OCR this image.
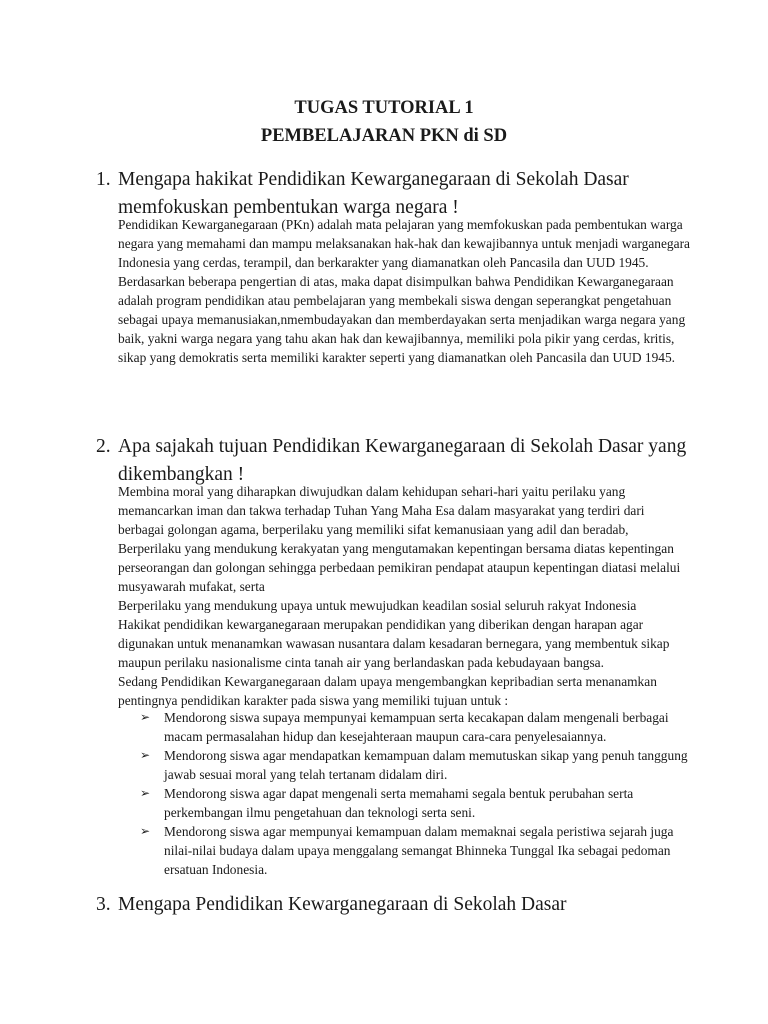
TUGAS TUTORIAL 1
PEMBELAJARAN PKN di SD
1. Mengapa hakikat Pendidikan Kewarganegaraan di Sekolah Dasar memfokuskan pembentukan warga negara !

Pendidikan Kewarganegaraan (PKn) adalah mata pelajaran yang memfokuskan pada pembentukan warga negara yang memahami dan mampu melaksanakan hak-hak dan kewajibannya untuk menjadi warganegara Indonesia yang cerdas, terampil, dan berkarakter yang diamanatkan oleh Pancasila dan UUD 1945.

Berdasarkan beberapa pengertian di atas, maka dapat disimpulkan bahwa Pendidikan Kewarganegaraan adalah program pendidikan atau pembelajaran yang membekali siswa dengan seperangkat pengetahuan sebagai upaya memanusiakan,nmembudayakan dan memberdayakan serta menjadikan warga negara yang baik, yakni warga negara yang tahu akan hak dan kewajibannya, memiliki pola pikir yang cerdas, kritis, sikap yang demokratis serta memiliki karakter seperti yang diamanatkan oleh Pancasila dan UUD 1945.

2. Apa sajakah tujuan Pendidikan Kewarganegaraan di Sekolah Dasar yang dikembangkan !

Membina moral yang diharapkan diwujudkan dalam kehidupan sehari-hari yaitu perilaku yang memancarkan iman dan takwa terhadap Tuhan Yang Maha Esa dalam masyarakat yang terdiri dari berbagai golongan agama, berperilaku yang memiliki sifat kemanusiaan yang adil dan beradab,

Berperilaku yang mendukung kerakyatan yang mengutamakan kepentingan bersama diatas kepentingan perseorangan dan golongan sehingga perbedaan pemikiran pendapat ataupun kepentingan diatasi melalui musyawarah mufakat, serta

Berperilaku yang mendukung upaya untuk mewujudkan keadilan sosial seluruh rakyat Indonesia

Hakikat pendidikan kewarganegaraan merupakan pendidikan yang diberikan dengan harapan agar digunakan untuk menanamkan wawasan nusantara dalam kesadaran bernegara, yang membentuk sikap maupun perilaku nasionalisme cinta tanah air yang berlandaskan pada kebudayaan bangsa.

Sedang Pendidikan Kewarganegaraan dalam upaya mengembangkan kepribadian serta menanamkan pentingnya pendidikan karakter pada siswa yang memiliki tujuan untuk :

➢ Mendorong siswa supaya mempunyai kemampuan serta kecakapan dalam mengenali berbagai macam permasalahan hidup dan kesejahteraan maupun cara-cara penyelesaiannya.
➢ Mendorong siswa agar mendapatkan kemampuan dalam memutuskan sikap yang penuh tanggung jawab sesuai moral yang telah tertanam didalam diri.
➢ Mendorong siswa agar dapat mengenali serta memahami segala bentuk perubahan serta perkembangan ilmu pengetahuan dan teknologi serta seni.
➢ Mendorong siswa agar mempunyai kemampuan dalam memaknai segala peristiwa sejarah juga nilai-nilai budaya dalam upaya menggalang semangat Bhinneka Tunggal Ika sebagai pedoman ersatuan Indonesia.
3. Mengapa Pendidikan Kewarganegaraan di Sekolah Dasar
